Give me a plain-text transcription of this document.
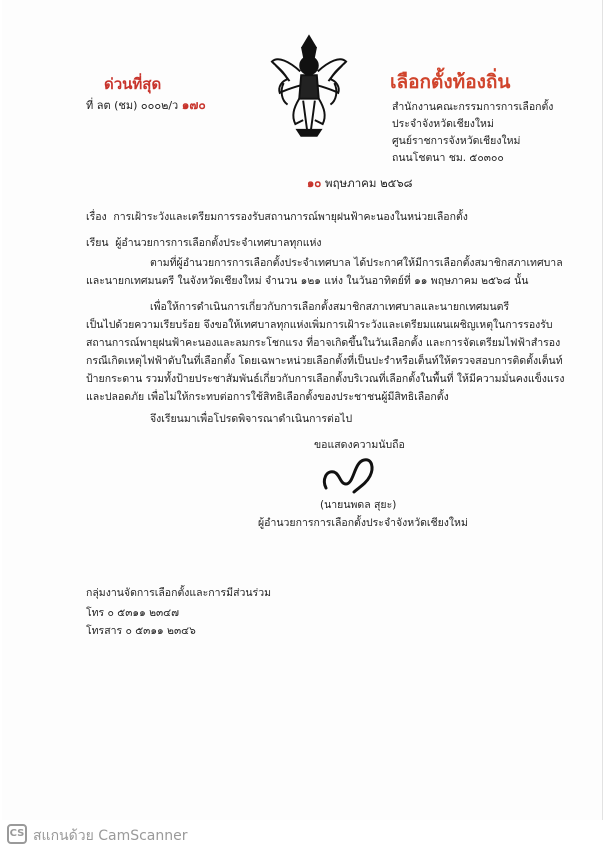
ด่วนที่สุด
ที่ ลต (ชม) ๐๐๐๒/ว ๑๗๐
เลือกตั้งท้องถิ่น
สำนักงานคณะกรรมการการเลือกตั้ง
ประจำจังหวัดเชียงใหม่
ศูนย์ราชการจังหวัดเชียงใหม่
ถนนโชตนา ชม. ๕๐๓๐๐
๑๐ พฤษภาคม ๒๕๖๘
เรื่อง การเฝ้าระวังและเตรียมการรองรับสถานการณ์พายุฝนฟ้าคะนองในหน่วยเลือกตั้ง
เรียน ผู้อำนวยการการเลือกตั้งประจำเทศบาลทุกแห่ง
ตามที่ผู้อำนวยการการเลือกตั้งประจำเทศบาล ได้ประกาศให้มีการเลือกตั้งสมาชิกสภาเทศบาล
และนายกเทศมนตรี ในจังหวัดเชียงใหม่ จำนวน ๑๒๑ แห่ง ในวันอาทิตย์ที่ ๑๑ พฤษภาคม ๒๕๖๘ นั้น
เพื่อให้การดำเนินการเกี่ยวกับการเลือกตั้งสมาชิกสภาเทศบาลและนายกเทศมนตรี
เป็นไปด้วยความเรียบร้อย จึงขอให้เทศบาลทุกแห่งเพิ่มการเฝ้าระวังและเตรียมแผนเผชิญเหตุในการรองรับ
สถานการณ์พายุฝนฟ้าคะนองและลมกระโชกแรง ที่อาจเกิดขึ้นในวันเลือกตั้ง และการจัดเตรียมไฟฟ้าสำรอง
กรณีเกิดเหตุไฟฟ้าดับในที่เลือกตั้ง โดยเฉพาะหน่วยเลือกตั้งที่เป็นปะรำหรือเต็นท์ให้ตรวจสอบการติดตั้งเต็นท์
ป้ายกระดาน รวมทั้งป้ายประชาสัมพันธ์เกี่ยวกับการเลือกตั้งบริเวณที่เลือกตั้งในพื้นที่ ให้มีความมั่นคงแข็งแรง
และปลอดภัย เพื่อไม่ให้กระทบต่อการใช้สิทธิเลือกตั้งของประชาชนผู้มีสิทธิเลือกตั้ง
จึงเรียนมาเพื่อโปรดพิจารณาดำเนินการต่อไป
ขอแสดงความนับถือ
(นายนพดล สุยะ)
ผู้อำนวยการการเลือกตั้งประจำจังหวัดเชียงใหม่
กลุ่มงานจัดการเลือกตั้งและการมีส่วนร่วม
โทร ๐ ๕๓๑๑ ๒๓๔๗
โทรสาร ๐ ๕๓๑๑ ๒๓๔๖
CS สแกนด้วย CamScanner
